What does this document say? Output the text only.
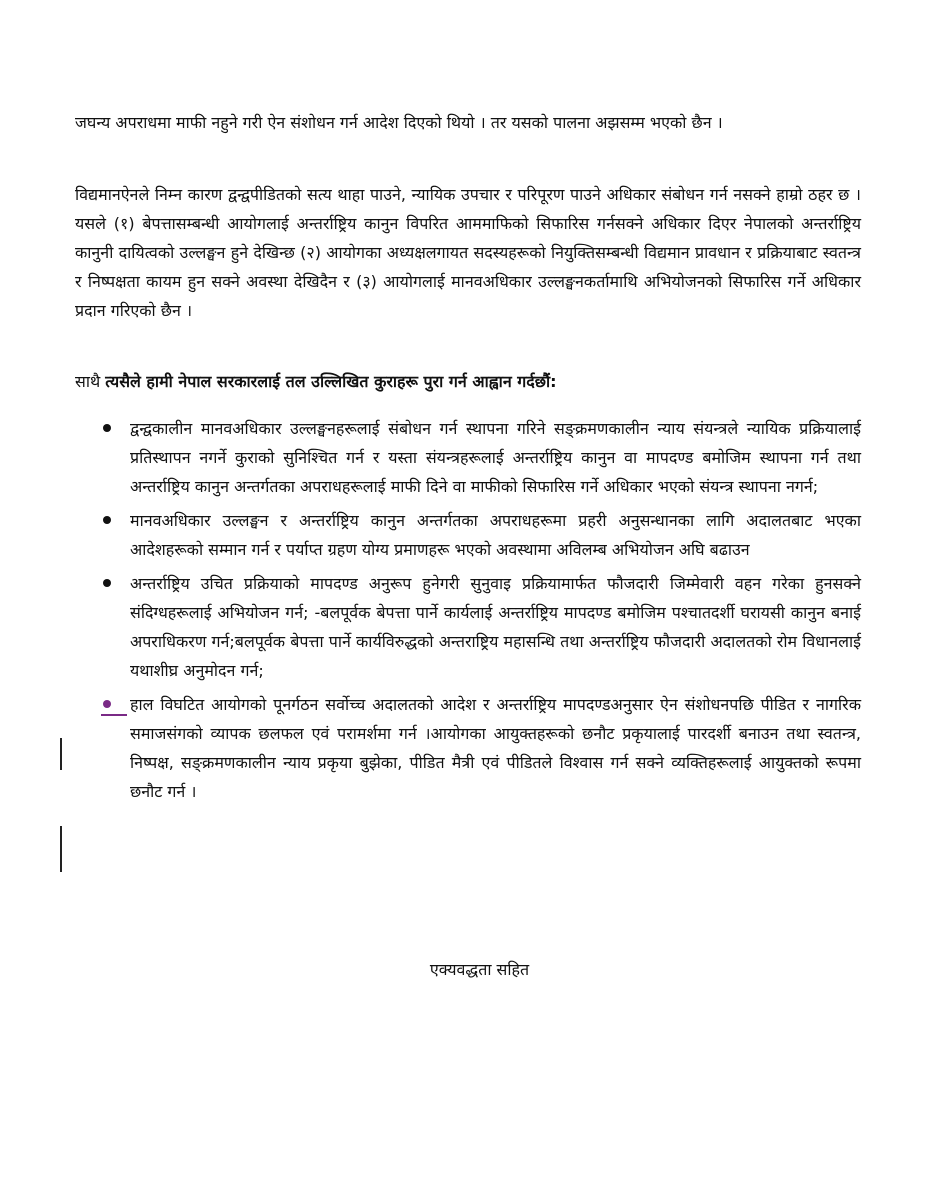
जघन्य अपराधमा माफी नहुने गरी ऐन संशोधन गर्न आदेश दिएको थियो । तर यसको पालना अझसम्म भएको छैन ।

विद्यमानऐनले निम्न कारण द्वन्द्वपीडितको सत्य थाहा पाउने, न्यायिक उपचार र परिपूरण पाउने अधिकार संबोधन गर्न नसक्ने हाम्रो ठहर छ । यसले (१) बेपत्तासम्बन्धी आयोगलाई अन्तर्राष्ट्रिय कानुन विपरित आममाफिको सिफारिस गर्नसक्ने अधिकार दिएर नेपालको अन्तर्राष्ट्रिय कानुनी दायित्वको उल्लङ्घन हुने देखिन्छ (२) आयोगका अध्यक्षलगायत सदस्यहरूको नियुक्तिसम्बन्धी विद्यमान प्रावधान र प्रक्रियाबाट स्वतन्त्र र निष्पक्षता कायम हुन सक्ने अवस्था देखिदैन र (३) आयोगलाई मानवअधिकार उल्लङ्घनकर्तामाथि अभियोजनको सिफारिस गर्ने अधिकार प्रदान गरिएको छैन ।

साथै त्यसैले हामी नेपाल सरकारलाई तल उल्लिखित कुराहरू पुरा गर्न आह्वान गर्दछौं:

द्वन्द्वकालीन मानवअधिकार उल्लङ्घनहरूलाई संबोधन गर्न स्थापना गरिने सङ्क्रमणकालीन न्याय संयन्त्रले न्यायिक प्रक्रियालाई प्रतिस्थापन नगर्ने कुराको सुनिश्चित गर्न र यस्ता संयन्त्रहरूलाई अन्तर्राष्ट्रिय कानुन वा मापदण्ड बमोजिम स्थापना गर्न तथा अन्तर्राष्ट्रिय कानुन अन्तर्गतका अपराधहरूलाई माफी दिने वा माफीको सिफारिस गर्ने अधिकार भएको संयन्त्र स्थापना नगर्न;
मानवअधिकार उल्लङ्घन र अन्तर्राष्ट्रिय कानुन अन्तर्गतका अपराधहरूमा प्रहरी अनुसन्धानका लागि अदालतबाट भएका आदेशहरूको सम्मान गर्न र पर्याप्त ग्रहण योग्य प्रमाणहरू भएको अवस्थामा अविलम्ब अभियोजन अघि बढाउन
अन्तर्राष्ट्रिय उचित प्रक्रियाको मापदण्ड अनुरूप हुनेगरी सुनुवाइ प्रक्रियामार्फत फौजदारी जिम्मेवारी वहन गरेका हुनसक्ने संदिग्धहरूलाई अभियोजन गर्न; -बलपूर्वक बेपत्ता पार्ने कार्यलाई अन्तर्राष्ट्रिय मापदण्ड बमोजिम पश्चातदर्शी घरायसी कानुन बनाई अपराधिकरण गर्न;बलपूर्वक बेपत्ता पार्ने कार्यविरुद्धको अन्तराष्ट्रिय महासन्धि तथा अन्तर्राष्ट्रिय फौजदारी अदालतको रोम विधानलाई यथाशीघ्र अनुमोदन गर्न;
हाल विघटित आयोगको पूनर्गठन सर्वोच्च अदालतको आदेश र अन्तर्राष्ट्रिय मापदण्डअनुसार ऐन संशोधनपछि पीडित र नागरिक समाजसंगको व्यापक छलफल एवं परामर्शमा गर्न ।आयोगका आयुक्तहरूको छनौट प्रकृयालाई पारदर्शी बनाउन तथा स्वतन्त्र, निष्पक्ष, सङ्क्रमणकालीन न्याय प्रकृया बुझेका, पीडित मैत्री एवं पीडितले विश्वास गर्न सक्ने व्यक्तिहरूलाई आयुक्तको रूपमा छनौट गर्न ।
एक्यवद्धता सहित
